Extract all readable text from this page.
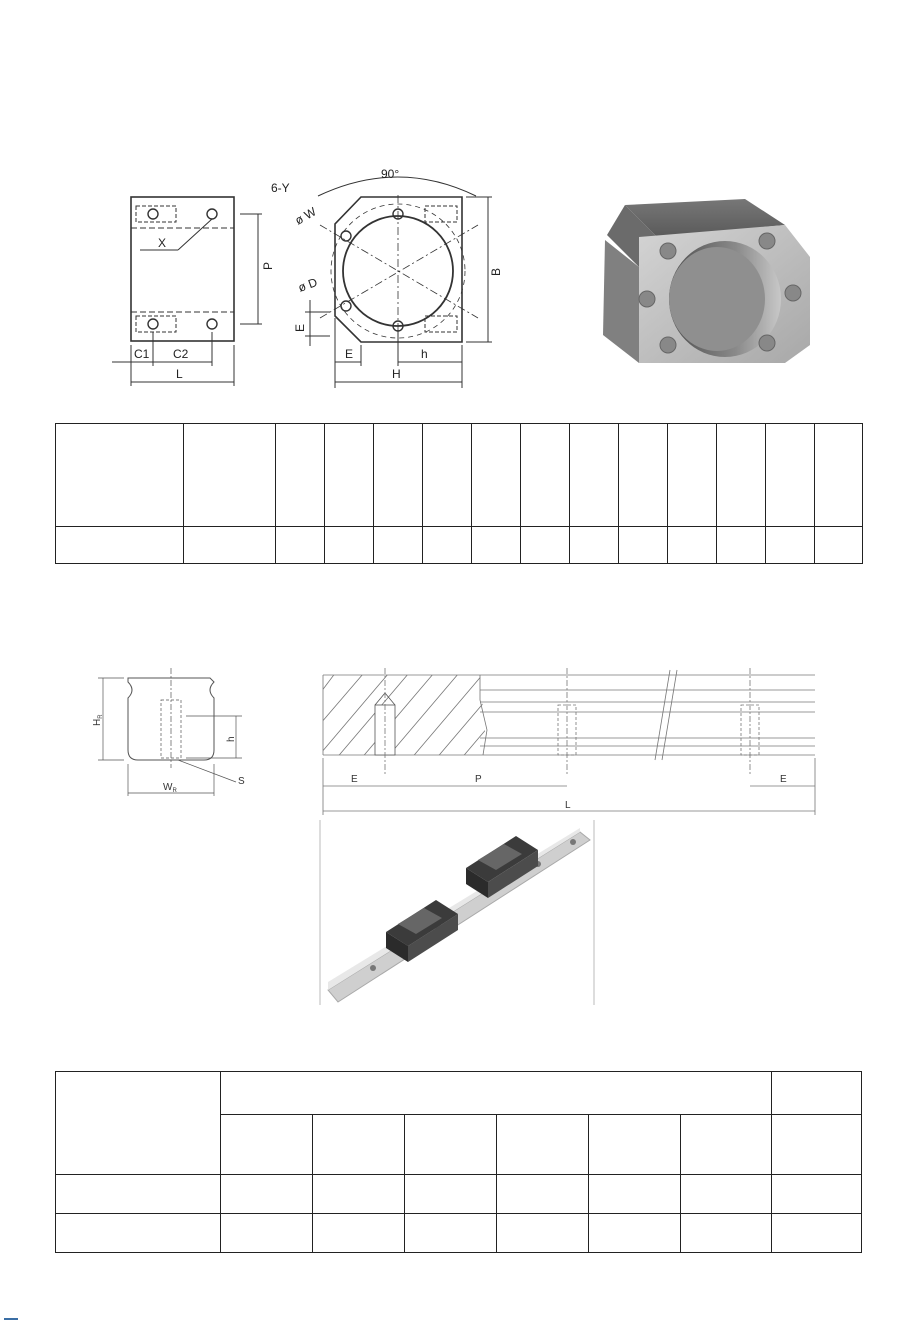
6-Y
90°
ø W
ø D
X
P
B
E
C1 C2
L
E	h
H

$H_R$
h
$W_R$
S	E	P	E
L
